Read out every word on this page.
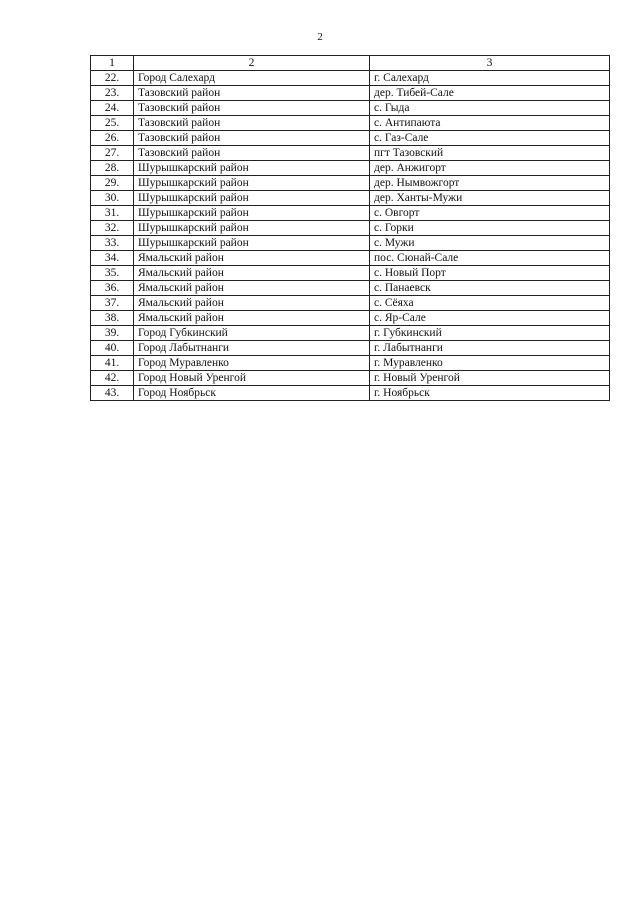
2
1	2	3
22.	Город Салехард	г. Салехард
23.	Тазовский район	дер. Тибей-Сале
24.	Тазовский район	с. Гыда
25.	Тазовский район	с. Антипаюта
26.	Тазовский район	с. Газ-Сале
27.	Тазовский район	пгт Тазовский
28.	Шурышкарский район	дер. Анжигорт
29.	Шурышкарский район	дер. Нымвожгорт
30.	Шурышкарский район	дер. Ханты-Мужи
31.	Шурышкарский район	с. Овгорт
32.	Шурышкарский район	с. Горки
33.	Шурышкарский район	с. Мужи
34.	Ямальский район	пос. Сюнай-Сале
35.	Ямальский район	с. Новый Порт
36.	Ямальский район	с. Панаевск
37.	Ямальский район	с. Сёяха
38.	Ямальский район	с. Яр-Сале
39.	Город Губкинский	г. Губкинский
40.	Город Лабытнанги	г. Лабытнанги
41.	Город Муравленко	г. Муравленко
42.	Город Новый Уренгой	г. Новый Уренгой
43.	Город Ноябрьск	г. Ноябрьск
